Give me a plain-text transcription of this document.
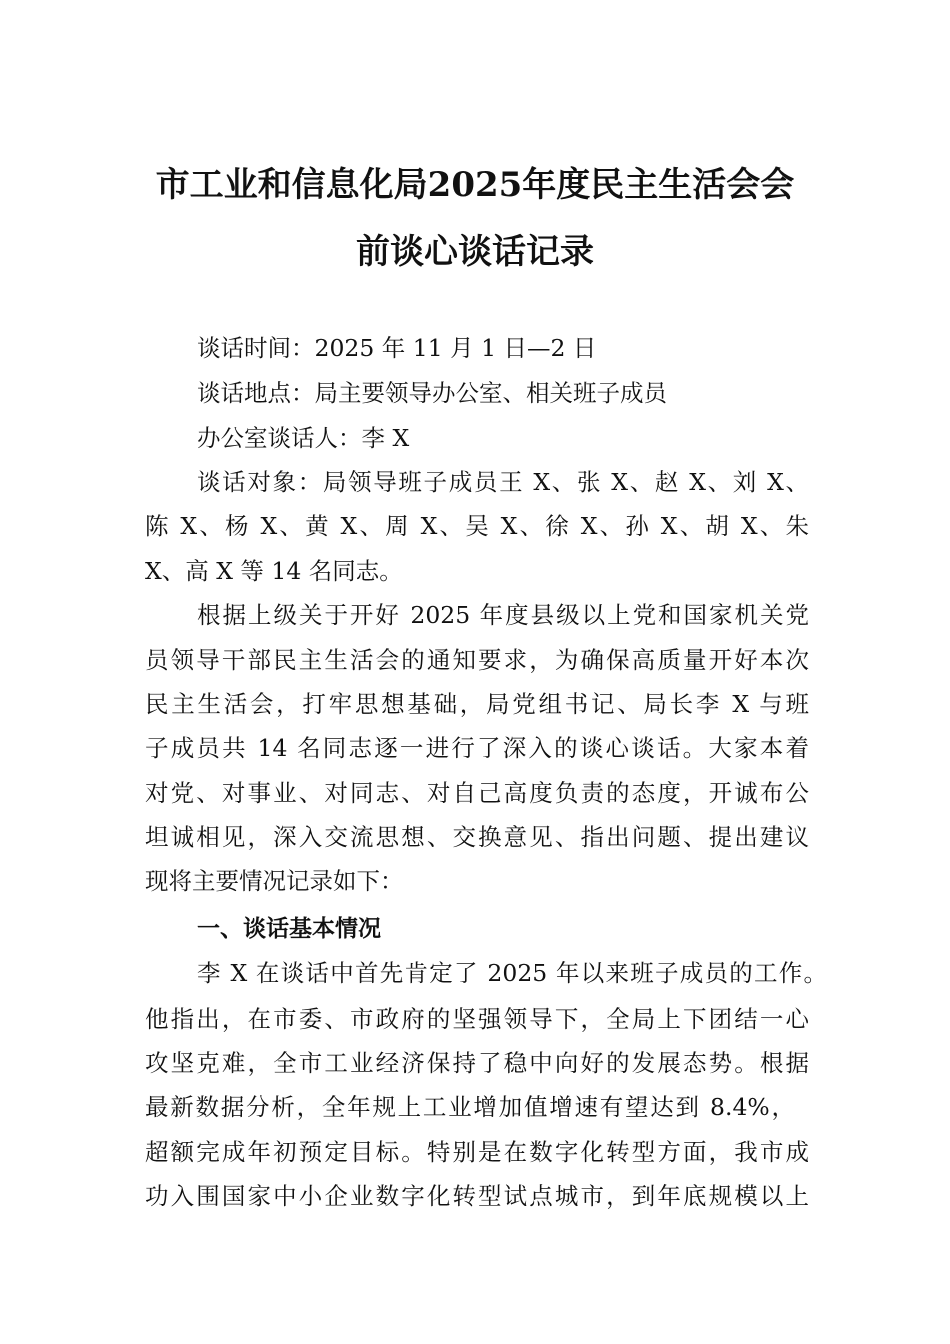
市工业和信息化局2025年度民主生活会会
前谈心谈话记录
谈话时间：2025 年 11 月 1 日—2 日
谈话地点：局主要领导办公室、相关班子成员
办公室谈话人：李 X
谈话对象：局领导班子成员王 X、张 X、赵 X、刘 X、
陈 X、杨 X、黄 X、周 X、吴 X、徐 X、孙 X、胡 X、朱
X、高 X 等 14 名同志。
根据上级关于开好 2025 年度县级以上党和国家机关党
员领导干部民主生活会的通知要求，为确保高质量开好本次
民主生活会，打牢思想基础，局党组书记、局长李 X 与班
子成员共 14 名同志逐一进行了深入的谈心谈话。大家本着
对党、对事业、对同志、对自己高度负责的态度，开诚布公
坦诚相见，深入交流思想、交换意见、指出问题、提出建议
现将主要情况记录如下：
一、谈话基本情况
李 X 在谈话中首先肯定了 2025 年以来班子成员的工作。
他指出，在市委、市政府的坚强领导下，全局上下团结一心
攻坚克难，全市工业经济保持了稳中向好的发展态势。根据
最新数据分析，全年规上工业增加值增速有望达到 8.4%，
超额完成年初预定目标。特别是在数字化转型方面，我市成
功入围国家中小企业数字化转型试点城市，到年底规模以上
